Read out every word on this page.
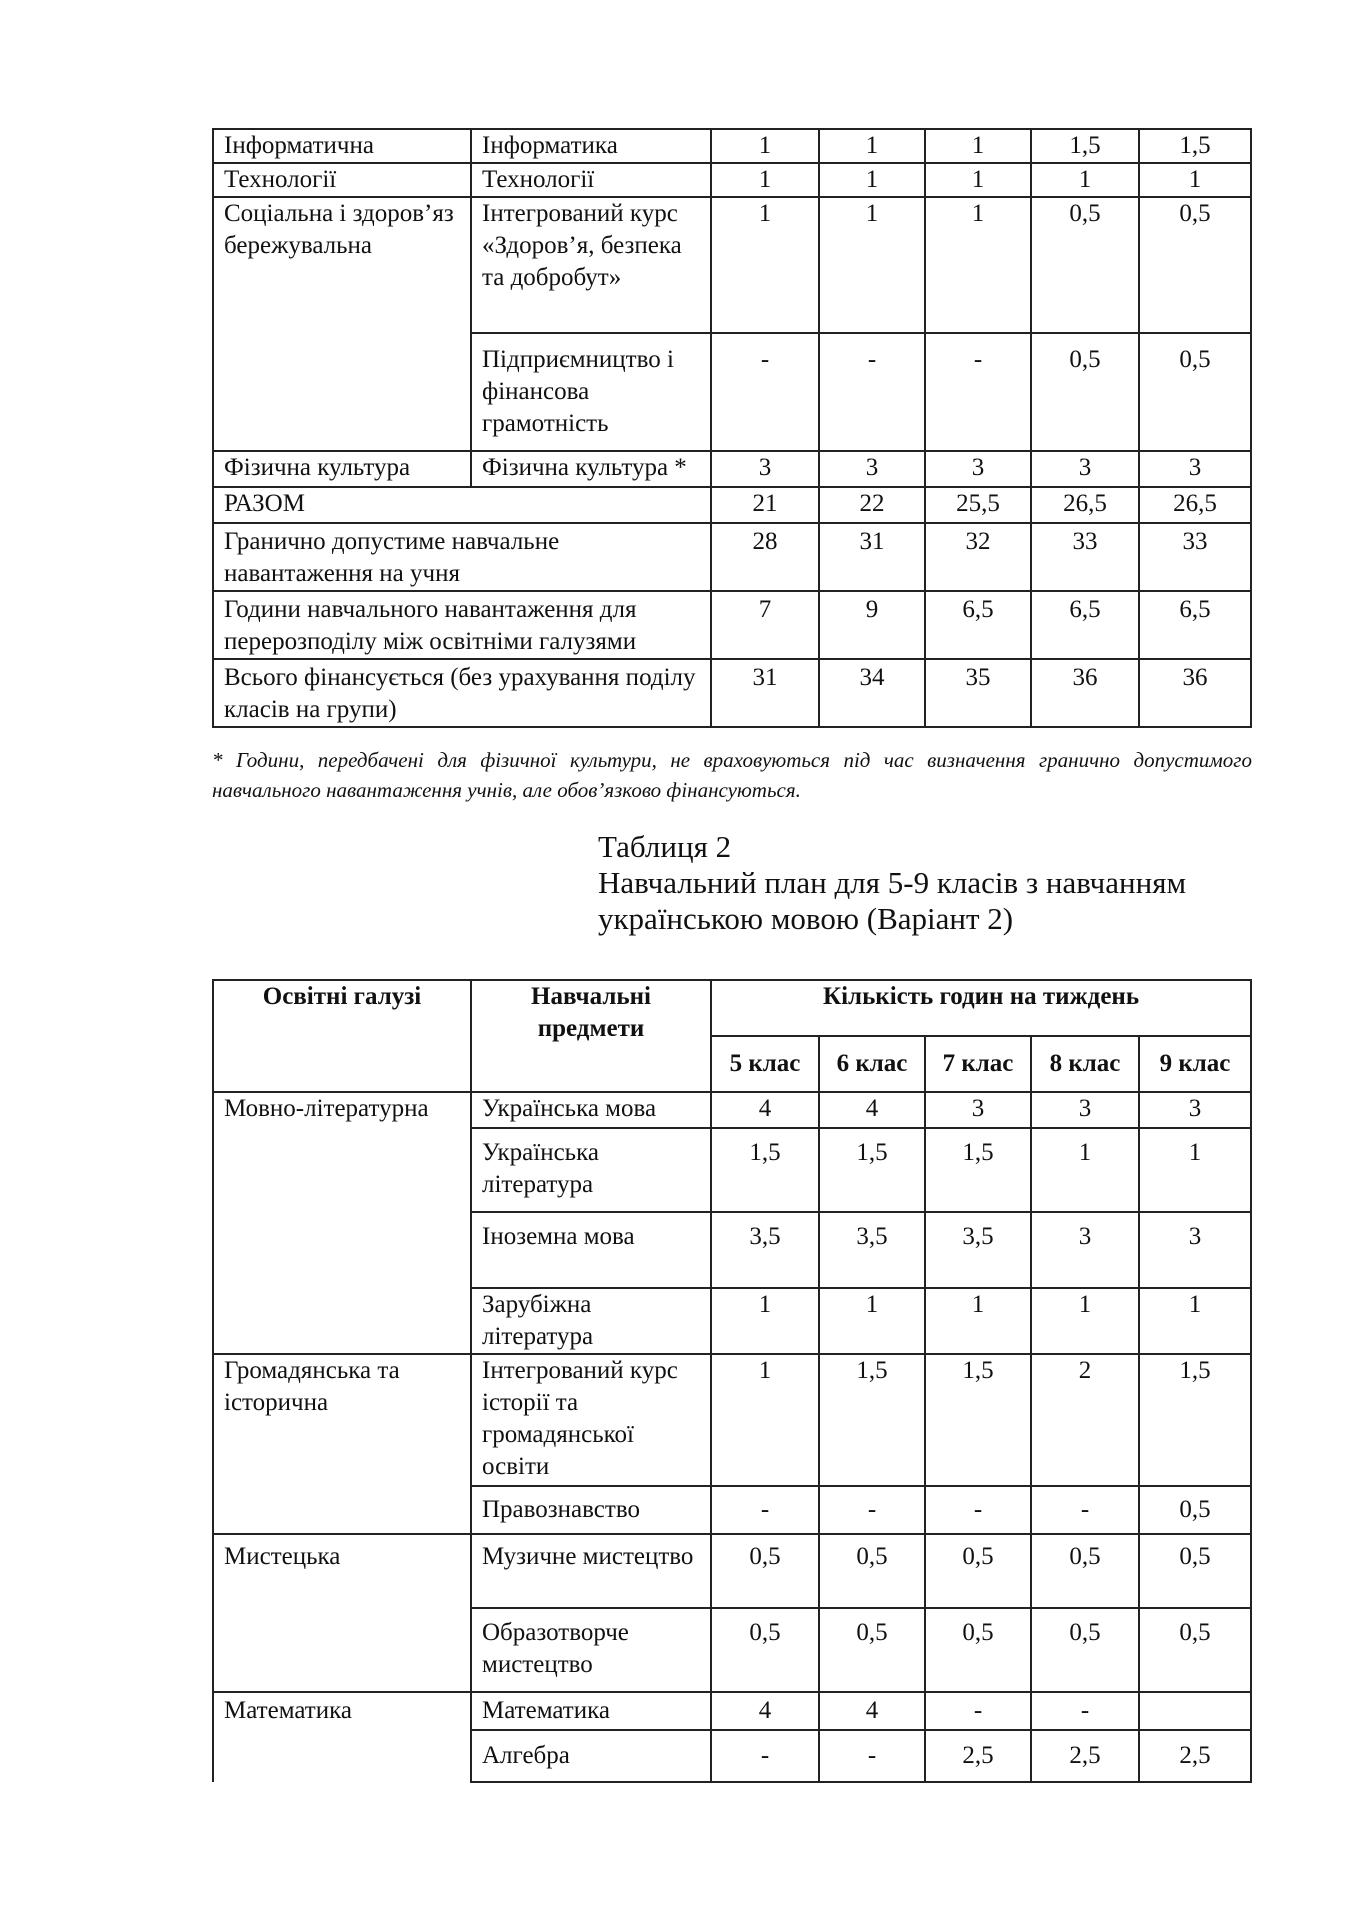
Інформатична	Інформатика	1	1	1	1,5	1,5
Технології	Технології	1	1	1	1	1
Соціальна і здоров’язбережувальна	Інтегрований курс «Здоров’я, безпека та добробут»	1	1	1	0,5	0,5
	Підприємництво і фінансова грамотність	-	-	-	0,5	0,5
Фізична культура	Фізична культура *	3	3	3	3	3
РАЗОМ		21	22	25,5	26,5	26,5
Гранично допустиме навчальне навантаження на учня		28	31	32	33	33
Години навчального навантаження для перерозподілу між освітніми галузями		7	9	6,5	6,5	6,5
Всього фінансується (без урахування поділу класів на групи)		31	34	35	36	36
* Години, передбачені для фізичної культури, не враховуються під час визначення гранично допустимого навчального навантаження учнів, але обов’язково фінансуються.
Таблиця 2
Навчальний план для 5-9 класів з навчанням
українською мовою (Варіант 2)
Освітні галузі	Навчальні предмети	Кількість годин на тиждень				
		5 клас	6 клас	7 клас	8 клас	9 клас
Мовно-літературна	Українська мова	4	4	3	3	3
	Українська література	1,5	1,5	1,5	1	1
	Іноземна мова	3,5	3,5	3,5	3	3
	Зарубіжна література	1	1	1	1	1
Громадянська та історична	Інтегрований курс історії та громадянської освіти	1	1,5	1,5	2	1,5
	Правознавство	-	-	-	-	0,5
Мистецька	Музичне мистецтво	0,5	0,5	0,5	0,5	0,5
	Образотворче мистецтво	0,5	0,5	0,5	0,5	0,5
Математика	Математика	4	4	-	-	
	Алгебра	-	-	2,5	2,5	2,5
